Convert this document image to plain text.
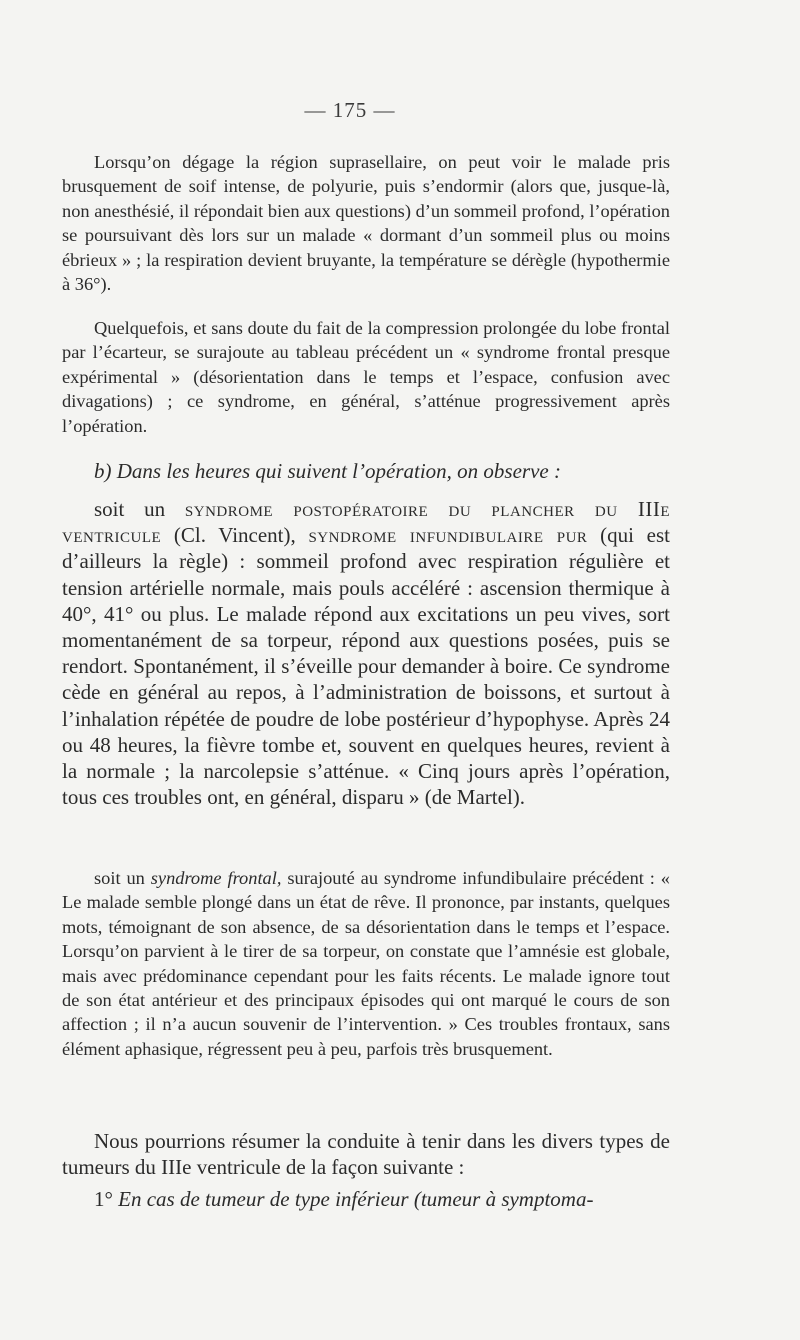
— 175 —

Lorsqu’on dégage la région suprasellaire, on peut voir le malade pris brusquement de soif intense, de polyurie, puis s’endormir (alors que, jusque-là, non anesthésié, il répondait bien aux questions) d’un sommeil profond, l’opération se poursuivant dès lors sur un malade « dormant d’un sommeil plus ou moins ébrieux » ; la respiration devient bruyante, la température se dérègle (hypothermie à 36°).

Quelquefois, et sans doute du fait de la compression prolongée du lobe frontal par l’écarteur, se surajoute au tableau précédent un « syndrome frontal presque expérimental » (désorientation dans le temps et l’espace, confusion avec divagations) ; ce syndrome, en général, s’atténue progressivement après l’opération.

b) Dans les heures qui suivent l’opération, on observe :

soit un syndrome postopératoire du plancher du IIIe ventricule (Cl. Vincent), syndrome infundibulaire pur (qui est d’ailleurs la règle) : sommeil profond avec respiration régulière et tension artérielle normale, mais pouls accéléré : ascension thermique à 40°, 41° ou plus. Le malade répond aux excitations un peu vives, sort momentanément de sa torpeur, répond aux questions posées, puis se rendort. Spontanément, il s’éveille pour demander à boire. Ce syndrome cède en général au repos, à l’administration de boissons, et surtout à l’inhalation répétée de poudre de lobe postérieur d’hypophyse. Après 24 ou 48 heures, la fièvre tombe et, souvent en quelques heures, revient à la normale ; la narcolepsie s’atténue. « Cinq jours après l’opération, tous ces troubles ont, en général, disparu » (de Martel).

soit un syndrome frontal, surajouté au syndrome infundibulaire précédent : « Le malade semble plongé dans un état de rêve. Il prononce, par instants, quelques mots, témoignant de son absence, de sa désorientation dans le temps et l’espace. Lorsqu’on parvient à le tirer de sa torpeur, on constate que l’amnésie est globale, mais avec prédominance cependant pour les faits récents. Le malade ignore tout de son état antérieur et des principaux épisodes qui ont marqué le cours de son affection ; il n’a aucun souvenir de l’intervention. » Ces troubles frontaux, sans élément aphasique, régressent peu à peu, parfois très brusquement.

Nous pourrions résumer la conduite à tenir dans les divers types de tumeurs du IIIe ventricule de la façon suivante :

1° En cas de tumeur de type inférieur (tumeur à symptoma-
